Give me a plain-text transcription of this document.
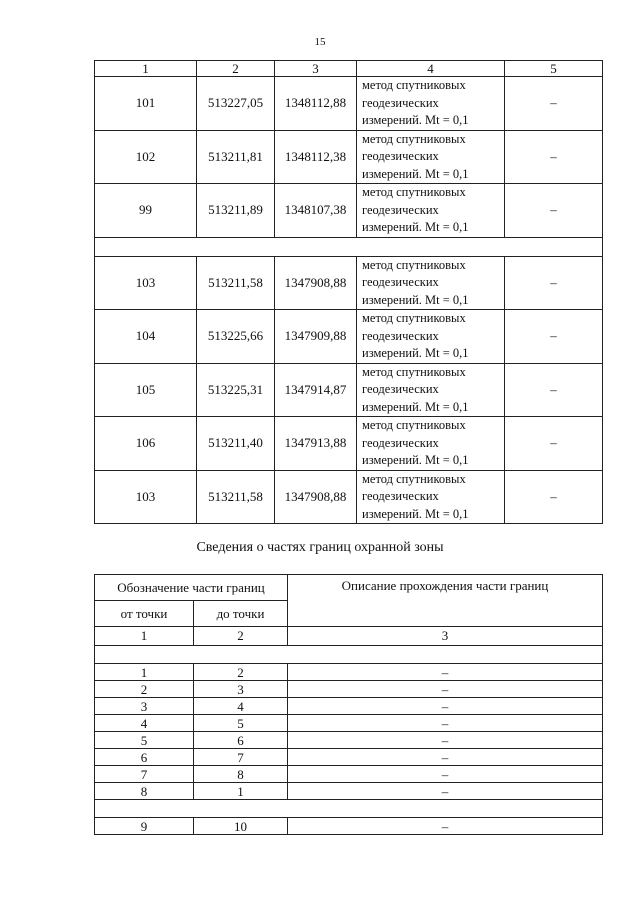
15
1	2	3	4	5
101	513227,05	1348112,88	метод спутниковых
геодезических
измерений. Mt = 0,1	–
102	513211,81	1348112,38	метод спутниковых
геодезических
измерений. Mt = 0,1	–
99	513211,89	1348107,38	метод спутниковых
геодезических
измерений. Mt = 0,1	–

103	513211,58	1347908,88	метод спутниковых
геодезических
измерений. Mt = 0,1	–
104	513225,66	1347909,88	метод спутниковых
геодезических
измерений. Mt = 0,1	–
105	513225,31	1347914,87	метод спутниковых
геодезических
измерений. Mt = 0,1	–
106	513211,40	1347913,88	метод спутниковых
геодезических
измерений. Mt = 0,1	–
103	513211,58	1347908,88	метод спутниковых
геодезических
измерений. Mt = 0,1	–
Сведения о частях границ охранной зоны
Обозначение части границ		Описание прохождения части границ
от точки	до точки	
1	2	3

1	2	–
2	3	–
3	4	–
4	5	–
5	6	–
6	7	–
7	8	–
8	1	–

9	10	–
